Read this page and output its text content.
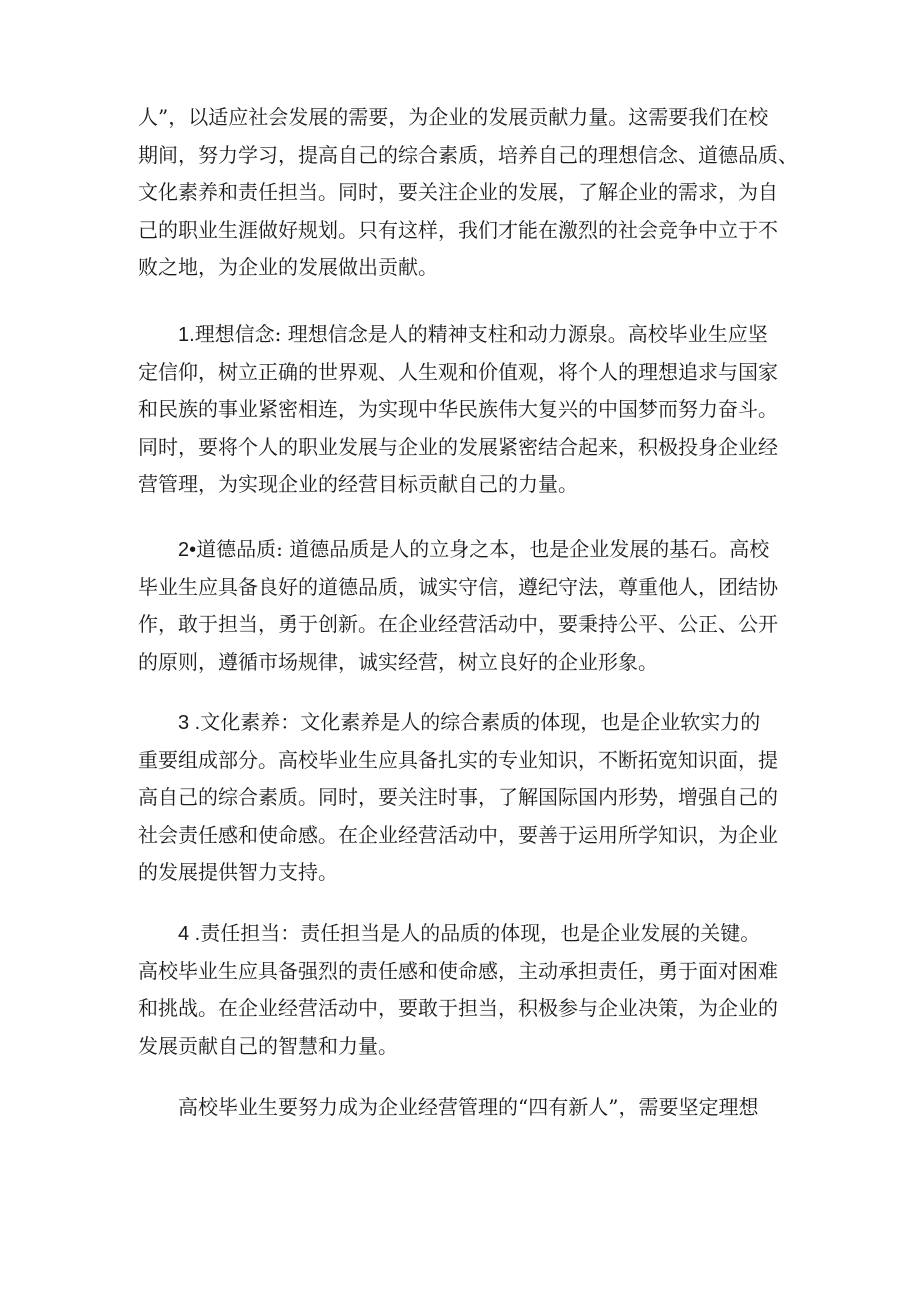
人”，以适应社会发展的需要，为企业的发展贡献力量。这需要我们在校
期间，努力学习，提高自己的综合素质，培养自己的理想信念、道德品质、
文化素养和责任担当。同时，要关注企业的发展，了解企业的需求，为自
己的职业生涯做好规划。只有这样，我们才能在激烈的社会竞争中立于不
败之地，为企业的发展做出贡献。

1.理想信念: 理想信念是人的精神支柱和动力源泉。高校毕业生应坚
定信仰，树立正确的世界观、人生观和价值观，将个人的理想追求与国家
和民族的事业紧密相连，为实现中华民族伟大复兴的中国梦而努力奋斗。
同时，要将个人的职业发展与企业的发展紧密结合起来，积极投身企业经
营管理，为实现企业的经营目标贡献自己的力量。

2•道德品质: 道德品质是人的立身之本，也是企业发展的基石。高校
毕业生应具备良好的道德品质，诚实守信，遵纪守法，尊重他人，团结协
作，敢于担当，勇于创新。在企业经营活动中，要秉持公平、公正、公开
的原则，遵循市场规律，诚实经营，树立良好的企业形象。

3 .文化素养：文化素养是人的综合素质的体现，也是企业软实力的
重要组成部分。高校毕业生应具备扎实的专业知识，不断拓宽知识面，提
高自己的综合素质。同时，要关注时事，了解国际国内形势，增强自己的
社会责任感和使命感。在企业经营活动中，要善于运用所学知识，为企业
的发展提供智力支持。

4 .责任担当：责任担当是人的品质的体现，也是企业发展的关键。
高校毕业生应具备强烈的责任感和使命感，主动承担责任，勇于面对困难
和挑战。在企业经营活动中，要敢于担当，积极参与企业决策，为企业的
发展贡献自己的智慧和力量。

高校毕业生要努力成为企业经营管理的“四有新人”，需要坚定理想
